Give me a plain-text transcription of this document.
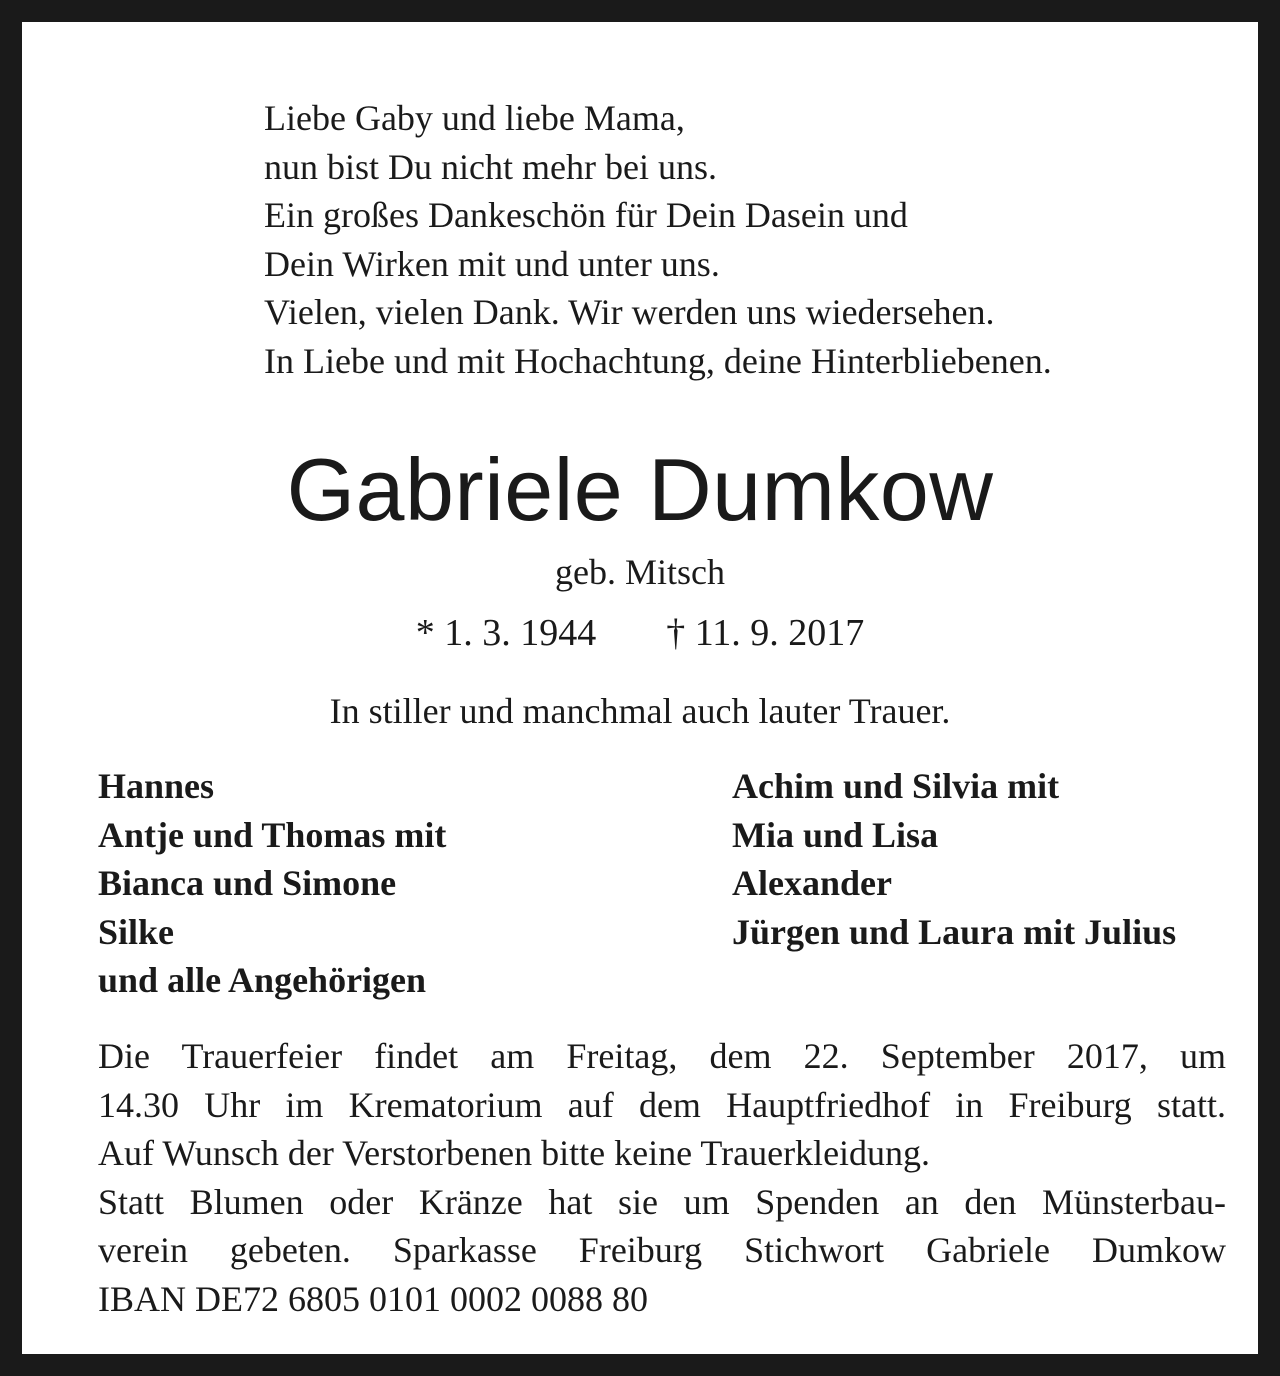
Liebe Gaby und liebe Mama,
nun bist Du nicht mehr bei uns.
Ein großes Dankeschön für Dein Dasein und
Dein Wirken mit und unter uns.
Vielen, vielen Dank. Wir werden uns wiedersehen.
In Liebe und mit Hochachtung, deine Hinterbliebenen.
Gabriele Dumkow
geb. Mitsch
* 1. 3. 1944 † 11. 9. 2017
In stiller und manchmal auch lauter Trauer.
Hannes
Antje und Thomas mit
Bianca und Simone
Silke
und alle Angehörigen
Achim und Silvia mit
Mia und Lisa
Alexander
Jürgen und Laura mit Julius
Die Trauerfeier findet am Freitag, dem 22. September 2017, um
14.30 Uhr im Krematorium auf dem Hauptfriedhof in Freiburg statt.
Auf Wunsch der Verstorbenen bitte keine Trauerkleidung.
Statt Blumen oder Kränze hat sie um Spenden an den Münsterbau-
verein gebeten. Sparkasse Freiburg Stichwort Gabriele Dumkow
IBAN DE72 6805 0101 0002 0088 80
